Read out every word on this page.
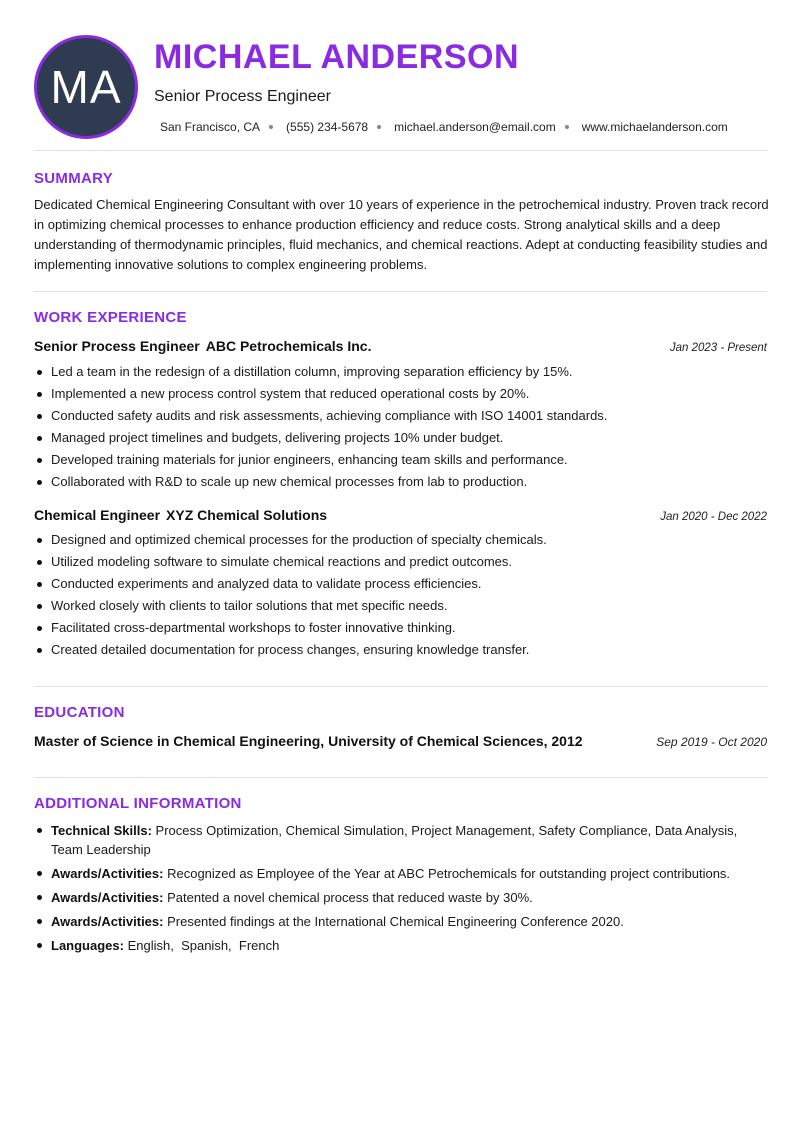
MA
MICHAEL ANDERSON
Senior Process Engineer
San Francisco, CA (555) 234-5678 michael.anderson@email.com www.michaelanderson.com
SUMMARY

Dedicated Chemical Engineering Consultant with over 10 years of experience in the petrochemical industry. Proven track record in optimizing chemical processes to enhance production efficiency and reduce costs. Strong analytical skills and a deep understanding of thermodynamic principles, fluid mechanics, and chemical reactions. Adept at conducting feasibility studies and implementing innovative solutions to complex engineering problems.

WORK EXPERIENCE
Senior Process Engineer ABC Petrochemicals Inc.	Jan 2023 - Present
Led a team in the redesign of a distillation column, improving separation efficiency by 15%.
Implemented a new process control system that reduced operational costs by 20%.
Conducted safety audits and risk assessments, achieving compliance with ISO 14001 standards.
Managed project timelines and budgets, delivering projects 10% under budget.
Developed training materials for junior engineers, enhancing team skills and performance.
Collaborated with R&D to scale up new chemical processes from lab to production.
Chemical Engineer XYZ Chemical Solutions	Jan 2020 - Dec 2022
Designed and optimized chemical processes for the production of specialty chemicals.
Utilized modeling software to simulate chemical reactions and predict outcomes.
Conducted experiments and analyzed data to validate process efficiencies.
Worked closely with clients to tailor solutions that met specific needs.
Facilitated cross-departmental workshops to foster innovative thinking.
Created detailed documentation for process changes, ensuring knowledge transfer.
EDUCATION
Master of Science in Chemical Engineering, University of Chemical Sciences, 2012	Sep 2019 - Oct 2020
ADDITIONAL INFORMATION
Technical Skills: Process Optimization, Chemical Simulation, Project Management, Safety Compliance, Data Analysis, Team Leadership
Awards/Activities: Recognized as Employee of the Year at ABC Petrochemicals for outstanding project contributions.
Awards/Activities: Patented a novel chemical process that reduced waste by 30%.
Awards/Activities: Presented findings at the International Chemical Engineering Conference 2020.
Languages: English,  Spanish,  French
